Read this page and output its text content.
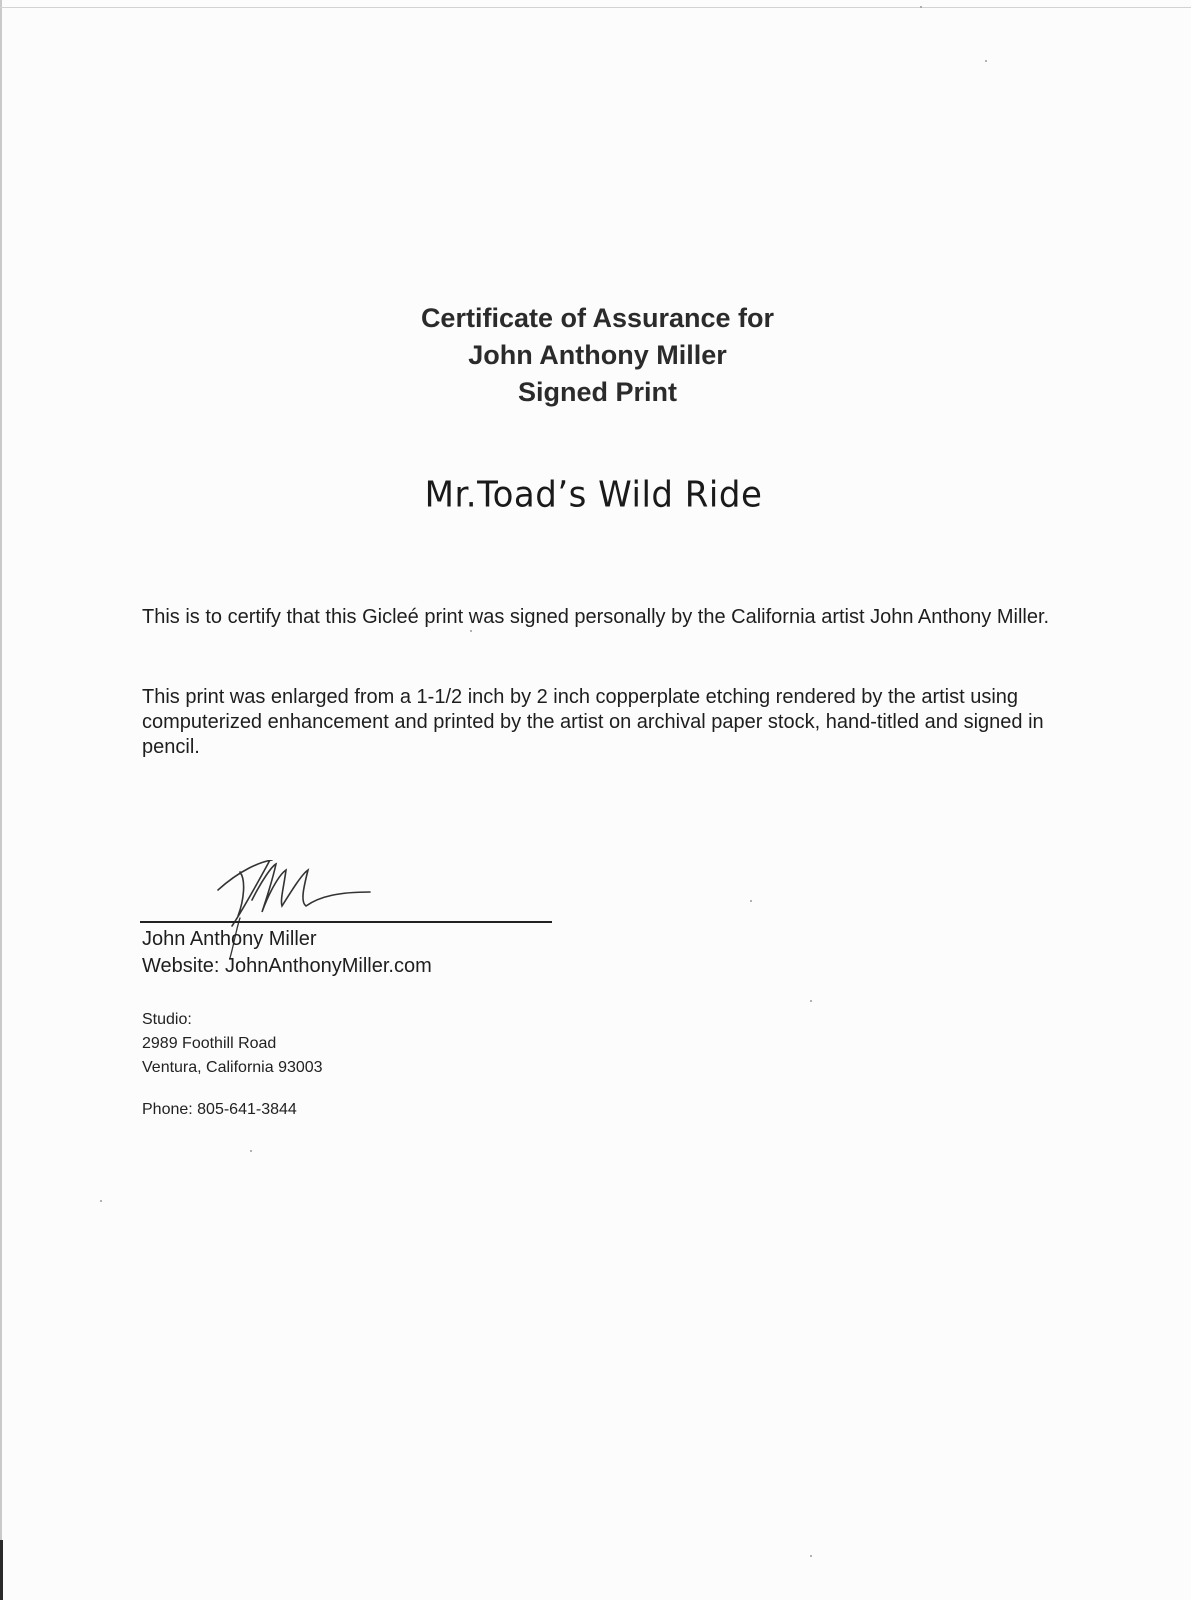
Certificate of Assurance for
John Anthony Miller
Signed Print
Mr.Toad’s Wild Ride

This is to certify that this Gicleé print was signed personally by the California artist John Anthony Miller.

This print was enlarged from a 1-1/2 inch by 2 inch copperplate etching rendered by the artist using computerized enhancement and printed by the artist on archival paper stock, hand-titled and signed in pencil.

John Anthony Miller
Website: JohnAnthonyMiller.com
Studio:
2989 Foothill Road
Ventura, California 93003
Phone: 805-641-3844
